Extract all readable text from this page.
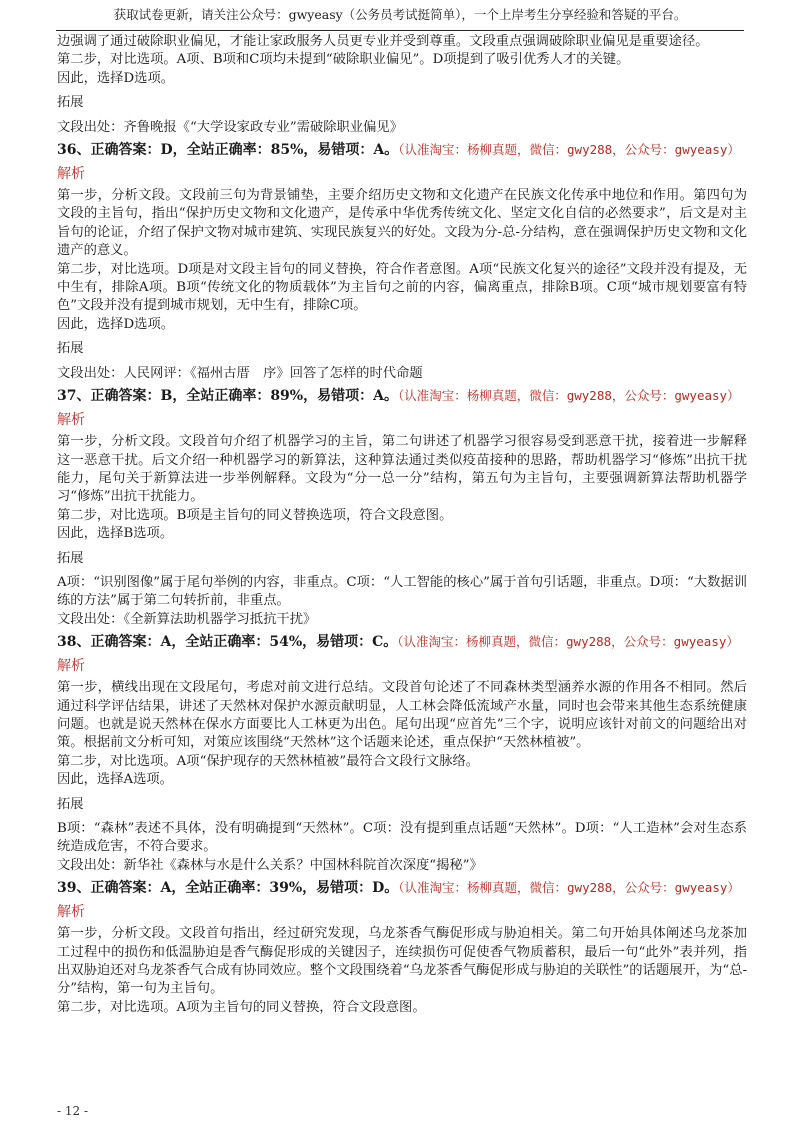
获取试卷更新，请关注公众号：gwyeasy（公务员考试挺简单），一个上岸考生分享经验和答疑的平台。

边强调了通过破除职业偏见，才能让家政服务人员更专业并受到尊重。文段重点强调破除职业偏见是重要途径。

第二步，对比选项。A项、B项和C项均未提到“破除职业偏见”。D项提到了吸引优秀人才的关键。

因此，选择D选项。

拓展

文段出处：齐鲁晚报《“大学设家政专业”需破除职业偏见》

36、正确答案：D，全站正确率：85%，易错项：A。（认准淘宝：杨柳真题，微信：gwy288，公众号：gwyeasy）

解析

第一步，分析文段。文段前三句为背景铺垫，主要介绍历史文物和文化遗产在民族文化传承中地位和作用。第四句为文段的主旨句，指出“保护历史文物和文化遗产，是传承中华优秀传统文化、坚定文化自信的必然要求”，后文是对主旨句的论证，介绍了保护文物对城市建筑、实现民族复兴的好处。文段为分-总-分结构，意在强调保护历史文物和文化遗产的意义。

第二步，对比选项。D项是对文段主旨句的同义替换，符合作者意图。A项“民族文化复兴的途径”文段并没有提及，无中生有，排除A项。B项“传统文化的物质载体”为主旨句之前的内容，偏离重点，排除B项。C项“城市规划要富有特色”文段并没有提到城市规划，无中生有，排除C项。

因此，选择D选项。

拓展

文段出处：人民网评：《福州古厝　序》回答了怎样的时代命题

37、正确答案：B，全站正确率：89%，易错项：A。（认准淘宝：杨柳真题，微信：gwy288，公众号：gwyeasy）

解析

第一步，分析文段。文段首句介绍了机器学习的主旨，第二句讲述了机器学习很容易受到恶意干扰，接着进一步解释这一恶意干扰。后文介绍一种机器学习的新算法，这种算法通过类似疫苗接种的思路，帮助机器学习“修炼”出抗干扰能力，尾句关于新算法进一步举例解释。文段为“分一总一分”结构，第五句为主旨句，主要强调新算法帮助机器学习“修炼”出抗干扰能力。

第二步，对比选项。B项是主旨句的同义替换选项，符合文段意图。

因此，选择B选项。

拓展

A项：“识别图像”属于尾句举例的内容，非重点。C项：“人工智能的核心”属于首句引话题，非重点。D项：“大数据训练的方法”属于第二句转折前，非重点。

文段出处：《全新算法助机器学习抵抗干扰》

38、正确答案：A，全站正确率：54%，易错项：C。（认准淘宝：杨柳真题，微信：gwy288，公众号：gwyeasy）

解析

第一步，横线出现在文段尾句，考虑对前文进行总结。文段首句论述了不同森林类型涵养水源的作用各不相同。然后通过科学评估结果，讲述了天然林对保护水源贡献明显，人工林会降低流域产水量，同时也会带来其他生态系统健康问题。也就是说天然林在保水方面要比人工林更为出色。尾句出现“应首先”三个字，说明应该针对前文的问题给出对策。根据前文分析可知，对策应该围绕“天然林”这个话题来论述，重点保护“天然林植被”。

第二步，对比选项。A项“保护现存的天然林植被”最符合文段行文脉络。

因此，选择A选项。

拓展

B项：“森林”表述不具体，没有明确提到“天然林”。C项：没有提到重点话题“天然林”。D项：“人工造林”会对生态系统造成危害，不符合要求。

文段出处：新华社《森林与水是什么关系？中国林科院首次深度“揭秘”》

39、正确答案：A，全站正确率：39%，易错项：D。（认准淘宝：杨柳真题，微信：gwy288，公众号：gwyeasy）

解析

第一步，分析文段。文段首句指出，经过研究发现，乌龙茶香气酶促形成与胁迫相关。第二句开始具体阐述乌龙茶加工过程中的损伤和低温胁迫是香气酶促形成的关键因子，连续损伤可促使香气物质蓄积，最后一句“此外”表并列，指出双胁迫还对乌龙茶香气合成有协同效应。整个文段围绕着“乌龙茶香气酶促形成与胁迫的关联性”的话题展开，为“总-分”结构，第一句为主旨句。

第二步，对比选项。A项为主旨句的同义替换，符合文段意图。

- 12 -
